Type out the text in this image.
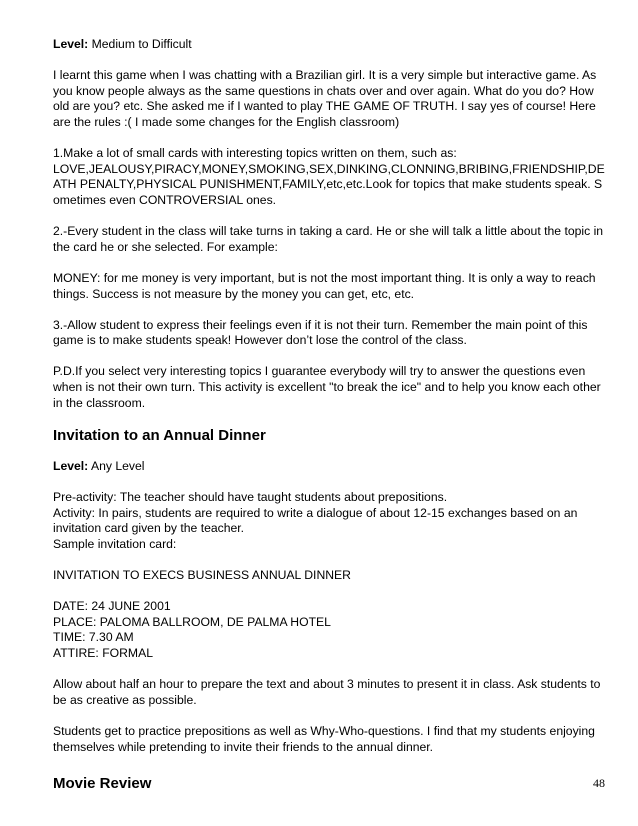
Level: Medium to Difficult

I learnt this game when I was chatting with a Brazilian girl. It is a very simple but interactive game. As you know people always as the same questions in chats over and over again. What do you do? How old are you? etc. She asked me if I wanted to play THE GAME OF TRUTH. I say yes of course! Here are the rules :( I made some changes for the English classroom)

1.Make a lot of small cards with interesting topics written on them, such as:
LOVE,JEALOUSY,PIRACY,MONEY,SMOKING,SEX,DINKING,CLONNING,BRIBING,FRIENDSHIP,DEATH PENALTY,PHYSICAL PUNISHMENT,FAMILY,etc,etc.Look for topics that make students speak. Sometimes even CONTROVERSIAL ones.

2.-Every student in the class will take turns in taking a card. He or she will talk a little about the topic in the card he or she selected. For example:

MONEY: for me money is very important, but is not the most important thing. It is only a way to reach things. Success is not measure by the money you can get, etc, etc.

3.-Allow student to express their feelings even if it is not their turn. Remember the main point of this game is to make students speak! However don’t lose the control of the class.

P.D.If you select very interesting topics I guarantee everybody will try to answer the questions even when is not their own turn. This activity is excellent "to break the ice" and to help you know each other in the classroom.

Invitation to an Annual Dinner

Level: Any Level

Pre-activity: The teacher should have taught students about prepositions.
Activity: In pairs, students are required to write a dialogue of about 12-15 exchanges based on an invitation card given by the teacher.
Sample invitation card:

INVITATION TO EXECS BUSINESS ANNUAL DINNER

DATE: 24 JUNE 2001
PLACE: PALOMA BALLROOM, DE PALMA HOTEL
TIME: 7.30 AM
ATTIRE: FORMAL

Allow about half an hour to prepare the text and about 3 minutes to present it in class. Ask students to be as creative as possible.

Students get to practice prepositions as well as Why-Who-questions. I find that my students enjoying themselves while pretending to invite their friends to the annual dinner.

Movie Review	48
